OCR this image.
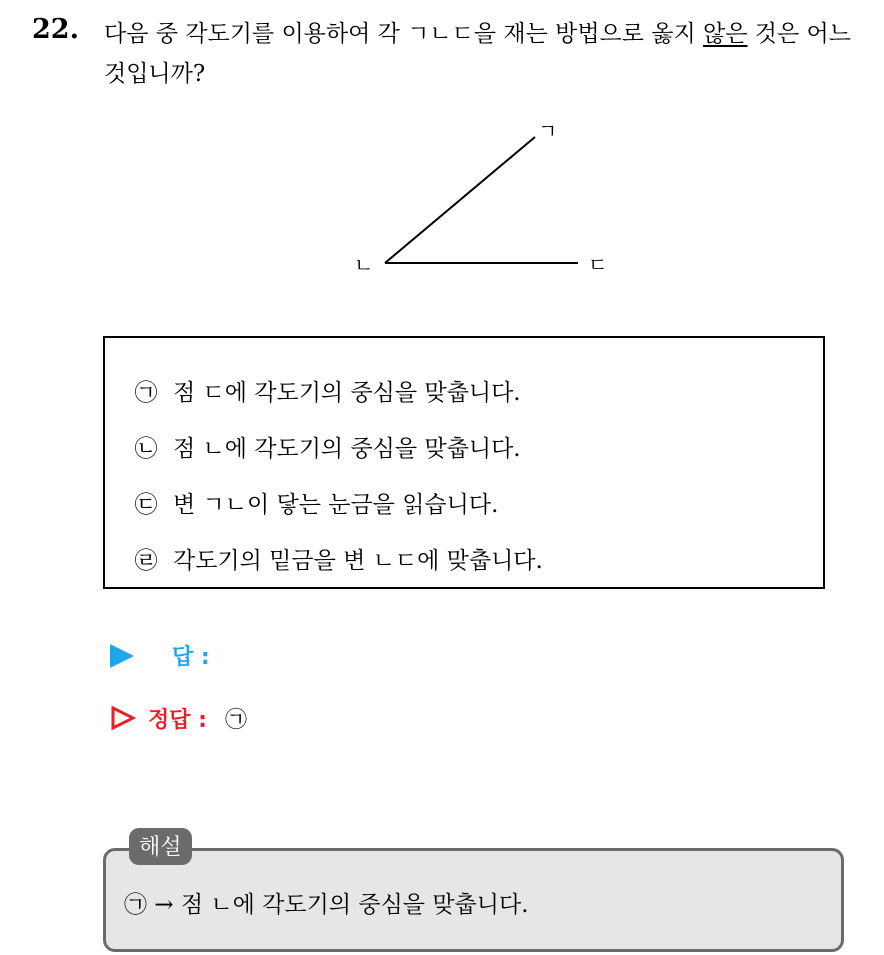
22. 다음 중 각도기를 이용하여 각 ㄱㄴㄷ을 재는 방법으로 옳지 않은 것은 어느 것입니까?
ㄱ
ㄴ	ㄷ
㉠ 점 ㄷ에 각도기의 중심을 맞춥니다.
㉡ 점 ㄴ에 각도기의 중심을 맞춥니다.
㉢ 변 ㄱㄴ이 닿는 눈금을 읽습니다.
㉣ 각도기의 밑금을 변 ㄴㄷ에 맞춥니다.
답 :
정답 : ㉠
㉠ → 점 ㄴ에 각도기의 중심을 맞춥니다.
해설
